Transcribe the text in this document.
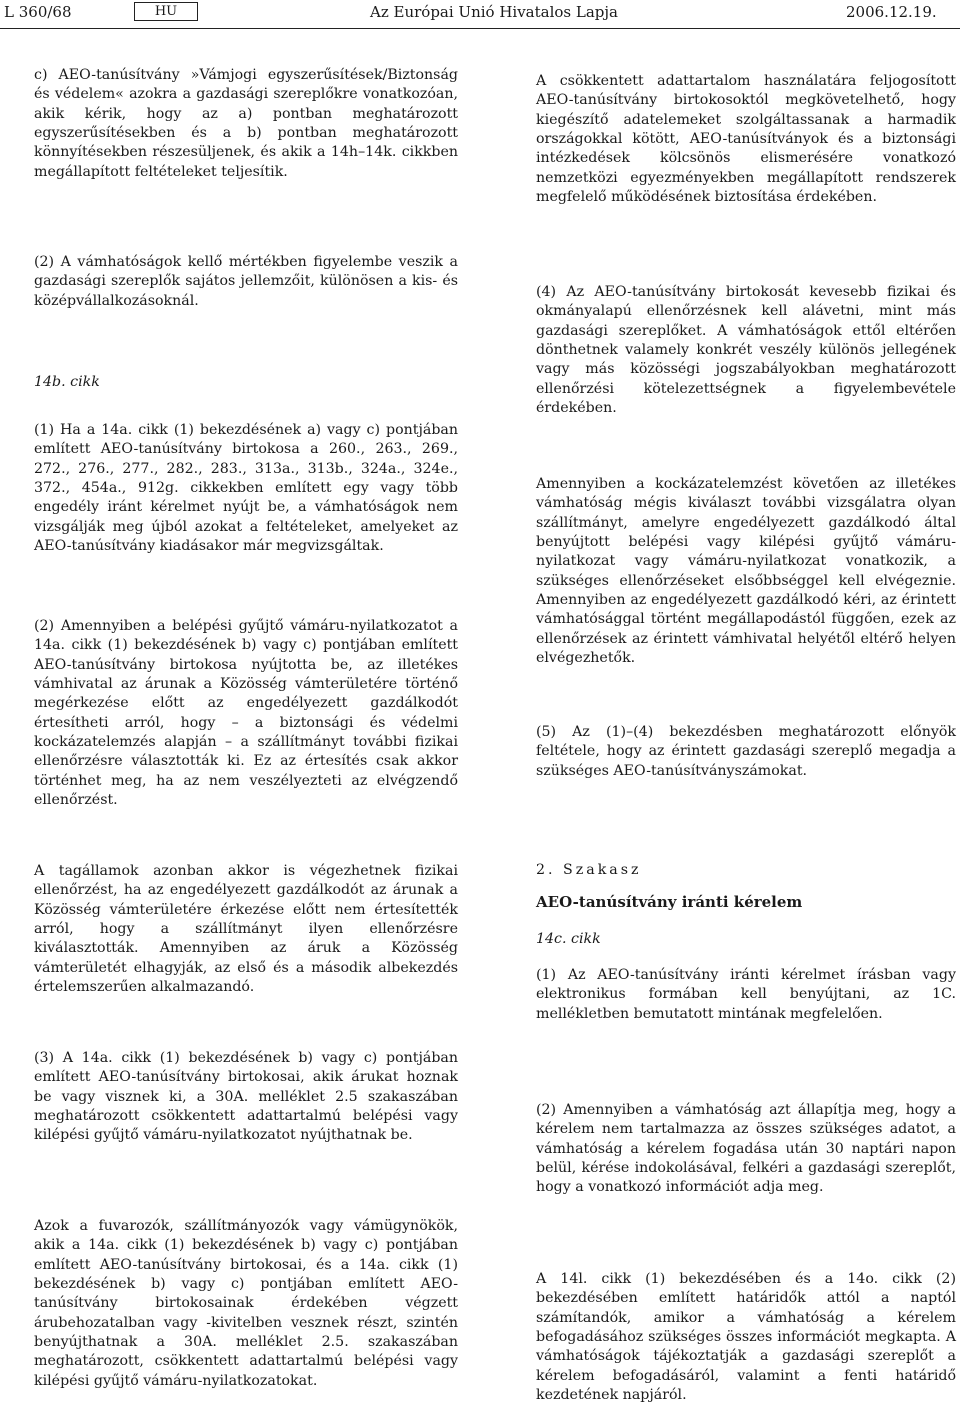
L 360/68	HU	Az Európai Unió Hivatalos Lapja	2006.12.19.

c) AEO-tanúsítvány »Vámjogi egyszerűsítések/Biztonság és védelem« azokra a gazdasági szereplőkre vonatkozóan, akik kérik, hogy az a) pontban meghatározott egyszerűsítésekben és a b) pontban meghatározott könnyítésekben részesüljenek, és akik a 14h–14k. cikkben megállapított feltételeket teljesítik.

(2) A vámhatóságok kellő mértékben figyelembe veszik a gazdasági szereplők sajátos jellemzőit, különösen a kis- és középvállalkozásoknál.

14b. cikk

(1) Ha a 14a. cikk (1) bekezdésének a) vagy c) pontjában említett AEO-tanúsítvány birtokosa a 260., 263., 269., 272., 276., 277., 282., 283., 313a., 313b., 324a., 324e., 372., 454a., 912g. cikkekben említett egy vagy több engedély iránt kérelmet nyújt be, a vámhatóságok nem vizsgálják meg újból azokat a feltételeket, amelyeket az AEO-tanúsítvány kiadásakor már megvizsgáltak.

(2) Amennyiben a belépési gyűjtő vámáru-nyilatkozatot a 14a. cikk (1) bekezdésének b) vagy c) pontjában említett AEO-tanúsítvány birtokosa nyújtotta be, az illetékes vámhivatal az árunak a Közösség vámterületére történő megérkezése előtt az engedélyezett gazdálkodót értesítheti arról, hogy – a biztonsági és védelmi kockázatelemzés alapján – a szállítmányt további fizikai ellenőrzésre választották ki. Ez az értesítés csak akkor történhet meg, ha az nem veszélyezteti az elvégzendő ellenőrzést.

A tagállamok azonban akkor is végezhetnek fizikai ellenőrzést, ha az engedélyezett gazdálkodót az árunak a Közösség vámterületére érkezése előtt nem értesítették arról, hogy a szállítmányt ilyen ellenőrzésre kiválasztották. Amennyiben az áruk a Közösség vámterületét elhagyják, az első és a második albekezdés értelemszerűen alkalmazandó.

(3) A 14a. cikk (1) bekezdésének b) vagy c) pontjában említett AEO-tanúsítvány birtokosai, akik árukat hoznak be vagy visznek ki, a 30A. melléklet 2.5 szakaszában meghatározott csökkentett adattartalmú belépési vagy kilépési gyűjtő vámáru-nyilatkozatot nyújthatnak be.

Azok a fuvarozók, szállítmányozók vagy vámügynökök, akik a 14a. cikk (1) bekezdésének b) vagy c) pontjában említett AEO-tanúsítvány birtokosai, és a 14a. cikk (1) bekezdésének b) vagy c) pontjában említett AEO-tanúsítvány birtokosainak érdekében végzett árubehozatalban vagy -kivitelben vesznek részt, szintén benyújthatnak a 30A. melléklet 2.5. szakaszában meghatározott, csökkentett adattartalmú belépési vagy kilépési gyűjtő vámáru-nyilatkozatokat.

A csökkentett adattartalom használatára feljogosított AEO-tanúsítvány birtokosoktól megkövetelhető, hogy kiegészítő adatelemeket szolgáltassanak a harmadik országokkal kötött, AEO-tanúsítványok és a biztonsági intézkedések kölcsönös elismerésére vonatkozó nemzetközi egyezményekben megállapított rendszerek megfelelő működésének biztosítása érdekében.

(4) Az AEO-tanúsítvány birtokosát kevesebb fizikai és okmányalapú ellenőrzésnek kell alávetni, mint más gazdasági szereplőket. A vámhatóságok ettől eltérően dönthetnek valamely konkrét veszély különös jellegének vagy más közösségi jogszabályokban meghatározott ellenőrzési kötelezettségnek a figyelembevétele érdekében.

Amennyiben a kockázatelemzést követően az illetékes vámhatóság mégis kiválaszt további vizsgálatra olyan szállítmányt, amelyre engedélyezett gazdálkodó által benyújtott belépési vagy kilépési gyűjtő vámáru-nyilatkozat vagy vámáru-nyilatkozat vonatkozik, a szükséges ellenőrzéseket elsőbbséggel kell elvégeznie. Amennyiben az engedélyezett gazdálkodó kéri, az érintett vámhatósággal történt megállapodástól függően, ezek az ellenőrzések az érintett vámhivatal helyétől eltérő helyen elvégezhetők.

(5) Az (1)–(4) bekezdésben meghatározott előnyök feltétele, hogy az érintett gazdasági szereplő megadja a szükséges AEO-tanúsítványszámokat.

2. Szakasz

AEO-tanúsítvány iránti kérelem

14c. cikk

(1) Az AEO-tanúsítvány iránti kérelmet írásban vagy elektronikus formában kell benyújtani, az 1C. mellékletben bemutatott mintának megfelelően.

(2) Amennyiben a vámhatóság azt állapítja meg, hogy a kérelem nem tartalmazza az összes szükséges adatot, a vámhatóság a kérelem fogadása után 30 naptári napon belül, kérése indokolásával, felkéri a gazdasági szereplőt, hogy a vonatkozó információt adja meg.

A 14l. cikk (1) bekezdésében és a 14o. cikk (2) bekezdésében említett határidők attól a naptól számítandók, amikor a vámhatóság a kérelem befogadásához szükséges összes információt megkapta. A vámhatóságok tájékoztatják a gazdasági szereplőt a kérelem befogadásáról, valamint a fenti határidő kezdetének napjáról.
